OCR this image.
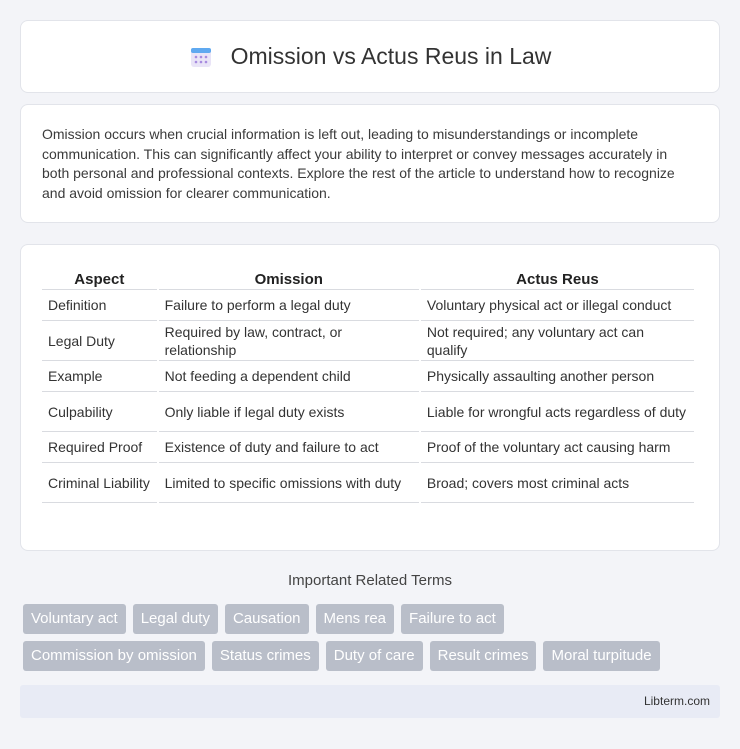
Omission vs Actus Reus in Law

Omission occurs when crucial information is left out, leading to misunderstandings or incomplete communication. This can significantly affect your ability to interpret or convey messages accurately in both personal and professional contexts. Explore the rest of the article to understand how to recognize and avoid omission for clearer communication.

Aspect	Omission	Actus Reus
Definition	Failure to perform a legal duty	Voluntary physical act or illegal conduct
Legal Duty	Required by law, contract, or relationship	Not required; any voluntary act can qualify
Example	Not feeding a dependent child	Physically assaulting another person
Culpability	Only liable if legal duty exists	Liable for wrongful acts regardless of duty
Required Proof	Existence of duty and failure to act	Proof of the voluntary act causing harm
Criminal Liability	Limited to specific omissions with duty	Broad; covers most criminal acts
Important Related Terms
Voluntary act	Legal duty	Causation	Mens rea	Failure to act
Commission by omission	Status crimes	Duty of care	Result crimes	Moral turpitude
Libterm.com
